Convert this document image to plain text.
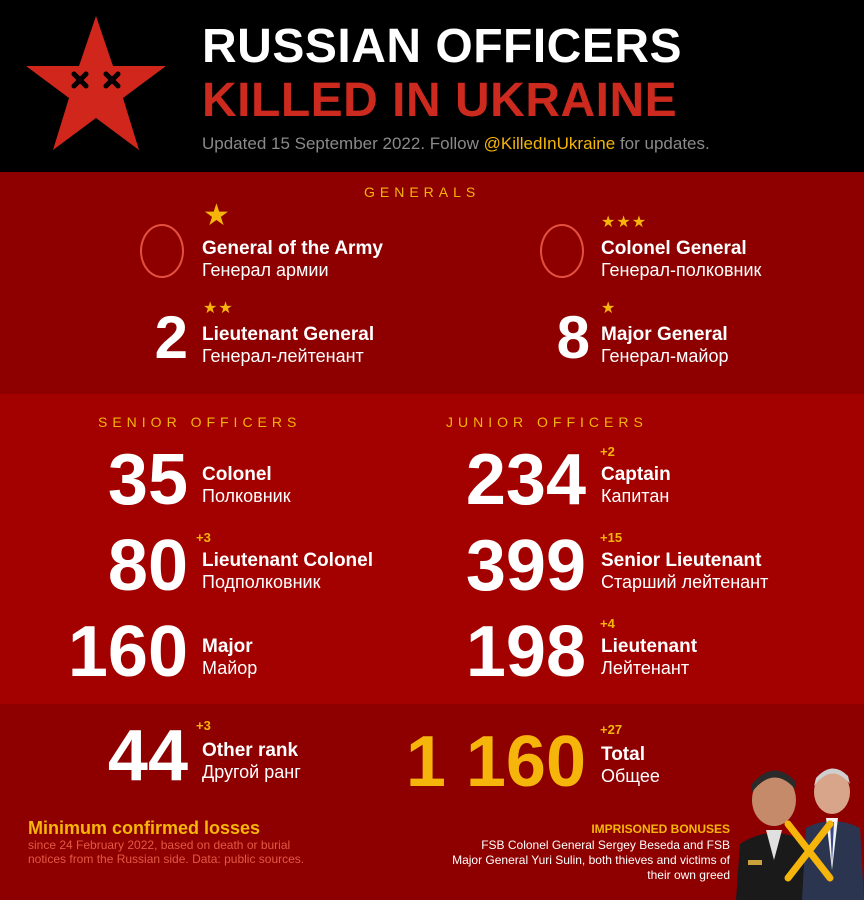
RUSSIAN OFFICERS
KILLED IN UKRAINE
Updated 15 September 2022. Follow @KilledInUkraine for updates.
GENERALS
★
General of the Army
Генерал армии
★★★
Colonel General
Генерал-полковник
★★
2 Lieutenant General
Генерал-лейтенант
★
8 Major General
Генерал-майор
SENIOR OFFICERS	JUNIOR OFFICERS
35 Colonel
Полковник
+3
80 Lieutenant Colonel
Подполковник
160 Major
Майор
+2
234 Captain
Капитан
+15
399 Senior Lieutenant
Старший лейтенант
+4
198 Lieutenant
Лейтенант
+3
44 Other rank
Другой ранг
+27
1 160 Total
Общее
Minimum confirmed losses
since 24 February 2022, based on death or burial notices from the Russian side. Data: public sources.
IMPRISONED BONUSES
FSB Colonel General Sergey Beseda and FSB Major General Yuri Sulin, both thieves and victims of their own greed
